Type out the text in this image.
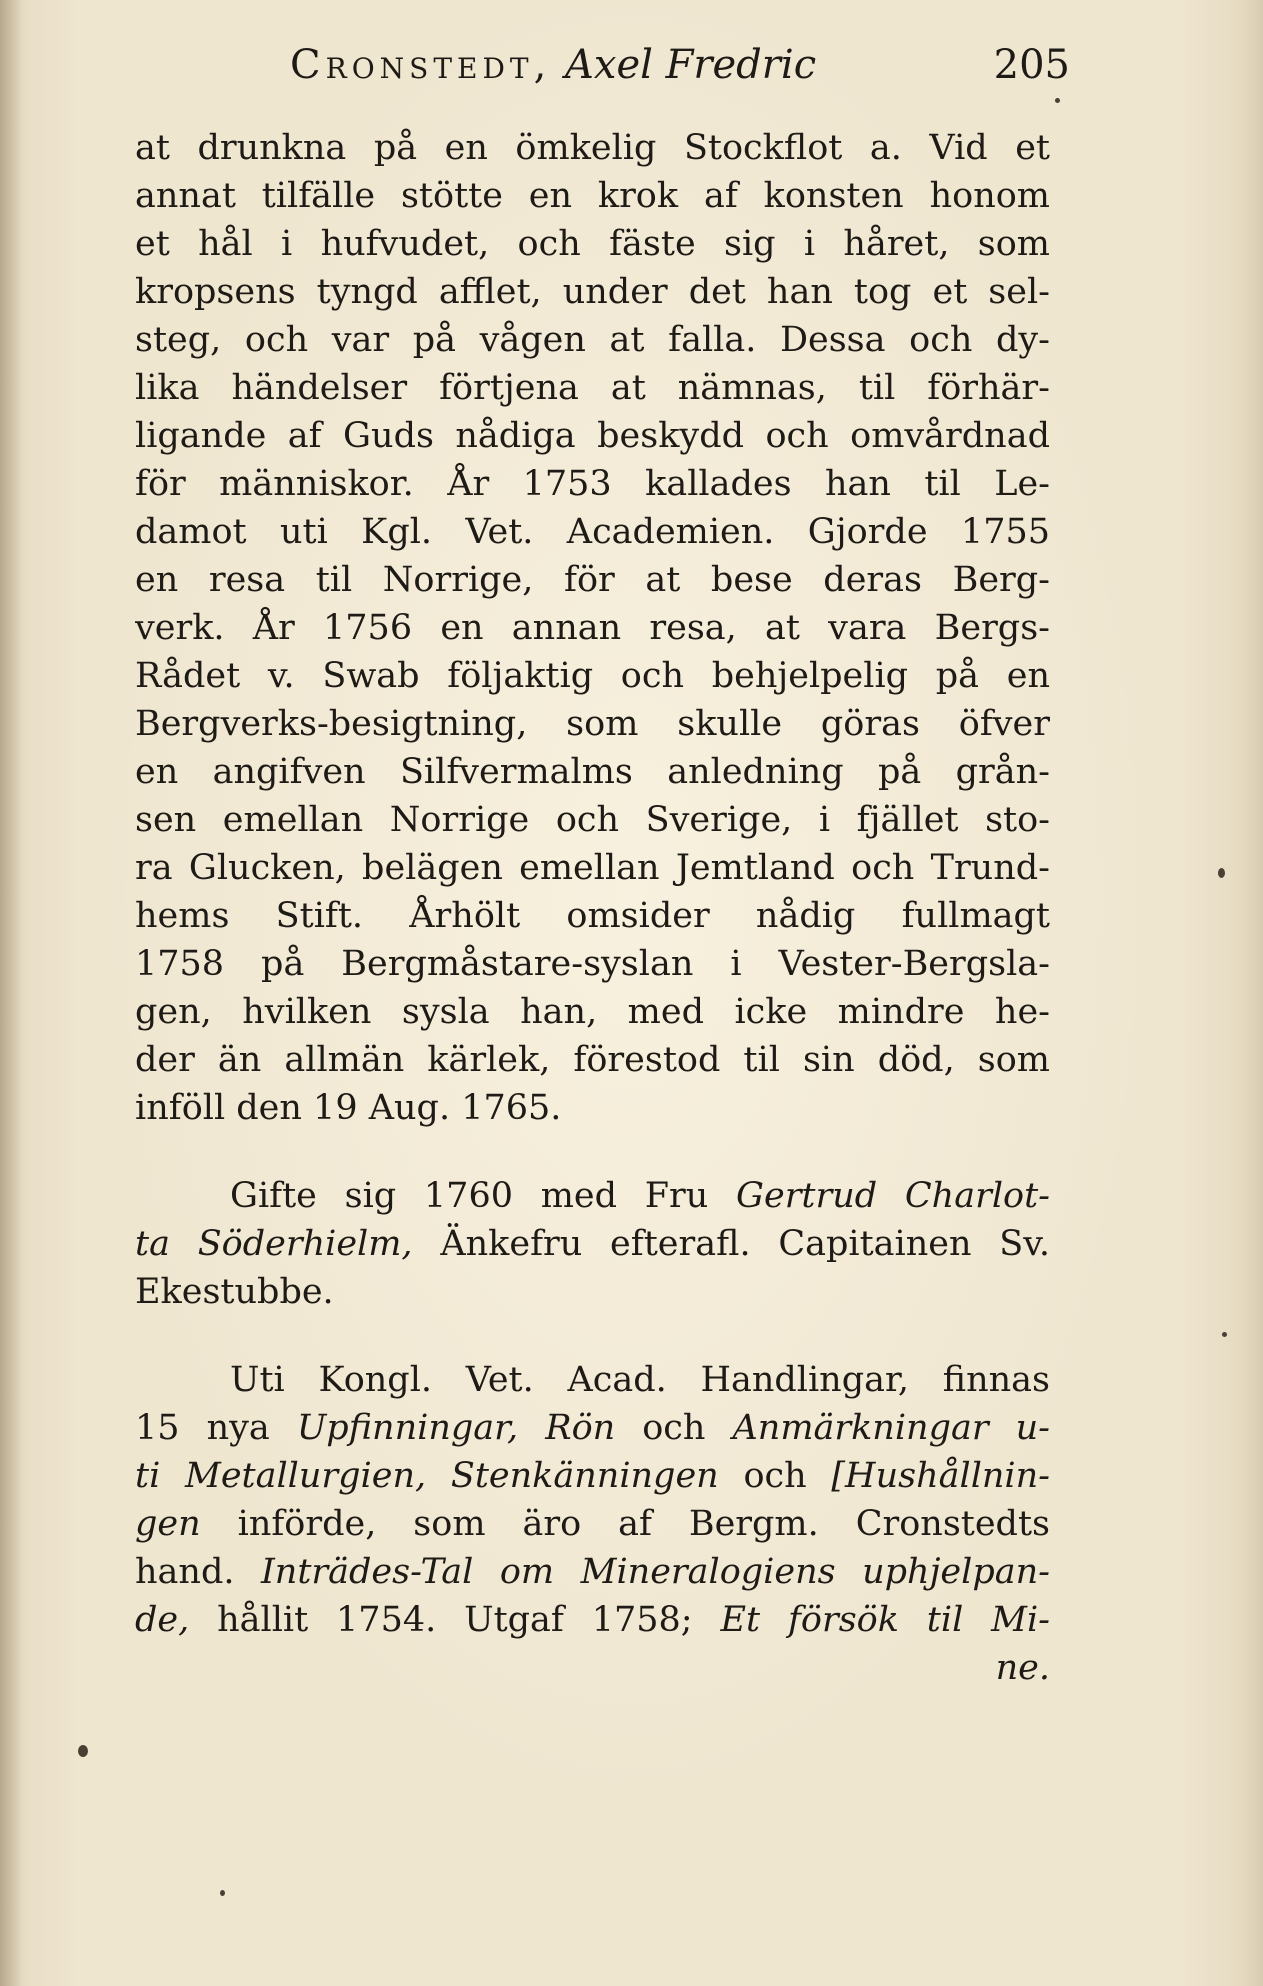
Cronstedt, Axel Fredric	205
at drunkna på en ömkelig Stockflot a. Vid et
annat tilfälle stötte en krok af konsten honom
et hål i hufvudet, och fäste sig i håret, som
kropsens tyngd afflet, under det han tog et sel-
steg, och var på vågen at falla. Dessa och dy-
lika händelser förtjena at nämnas, til förhär-
ligande af Guds nådiga beskydd och omvårdnad
för människor. År 1753 kallades han til Le-
damot uti Kgl. Vet. Academien. Gjorde 1755
en resa til Norrige, för at bese deras Berg-
verk. År 1756 en annan resa, at vara Bergs-
Rådet v. Swab följaktig och behjelpelig på en
Bergverks-besigtning, som skulle göras öfver
en angifven Silfvermalms anledning på grån-
sen emellan Norrige och Sverige, i fjället sto-
ra Glucken, belägen emellan Jemtland och Trund-
hems Stift. Århölt omsider nådig fullmagt
1758 på Bergmåstare-syslan i Vester-Bergsla-
gen, hvilken sysla han, med icke mindre he-
der än allmän kärlek, förestod til sin död, som
inföll den 19 Aug. 1765.
Gifte sig 1760 med Fru Gertrud Charlot-
ta Söderhielm, Änkefru efterafl. Capitainen Sv.
Ekestubbe.
Uti Kongl. Vet. Acad. Handlingar, finnas
15 nya Upfinningar, Rön och Anmärkningar u-
ti Metallurgien, Stenkänningen och [Hushållnin-
gen införde, som äro af Bergm. Cronstedts
hand. Inträdes-Tal om Mineralogiens uphjelpan-
de, hållit 1754. Utgaf 1758; Et försök til Mi-
ne.
